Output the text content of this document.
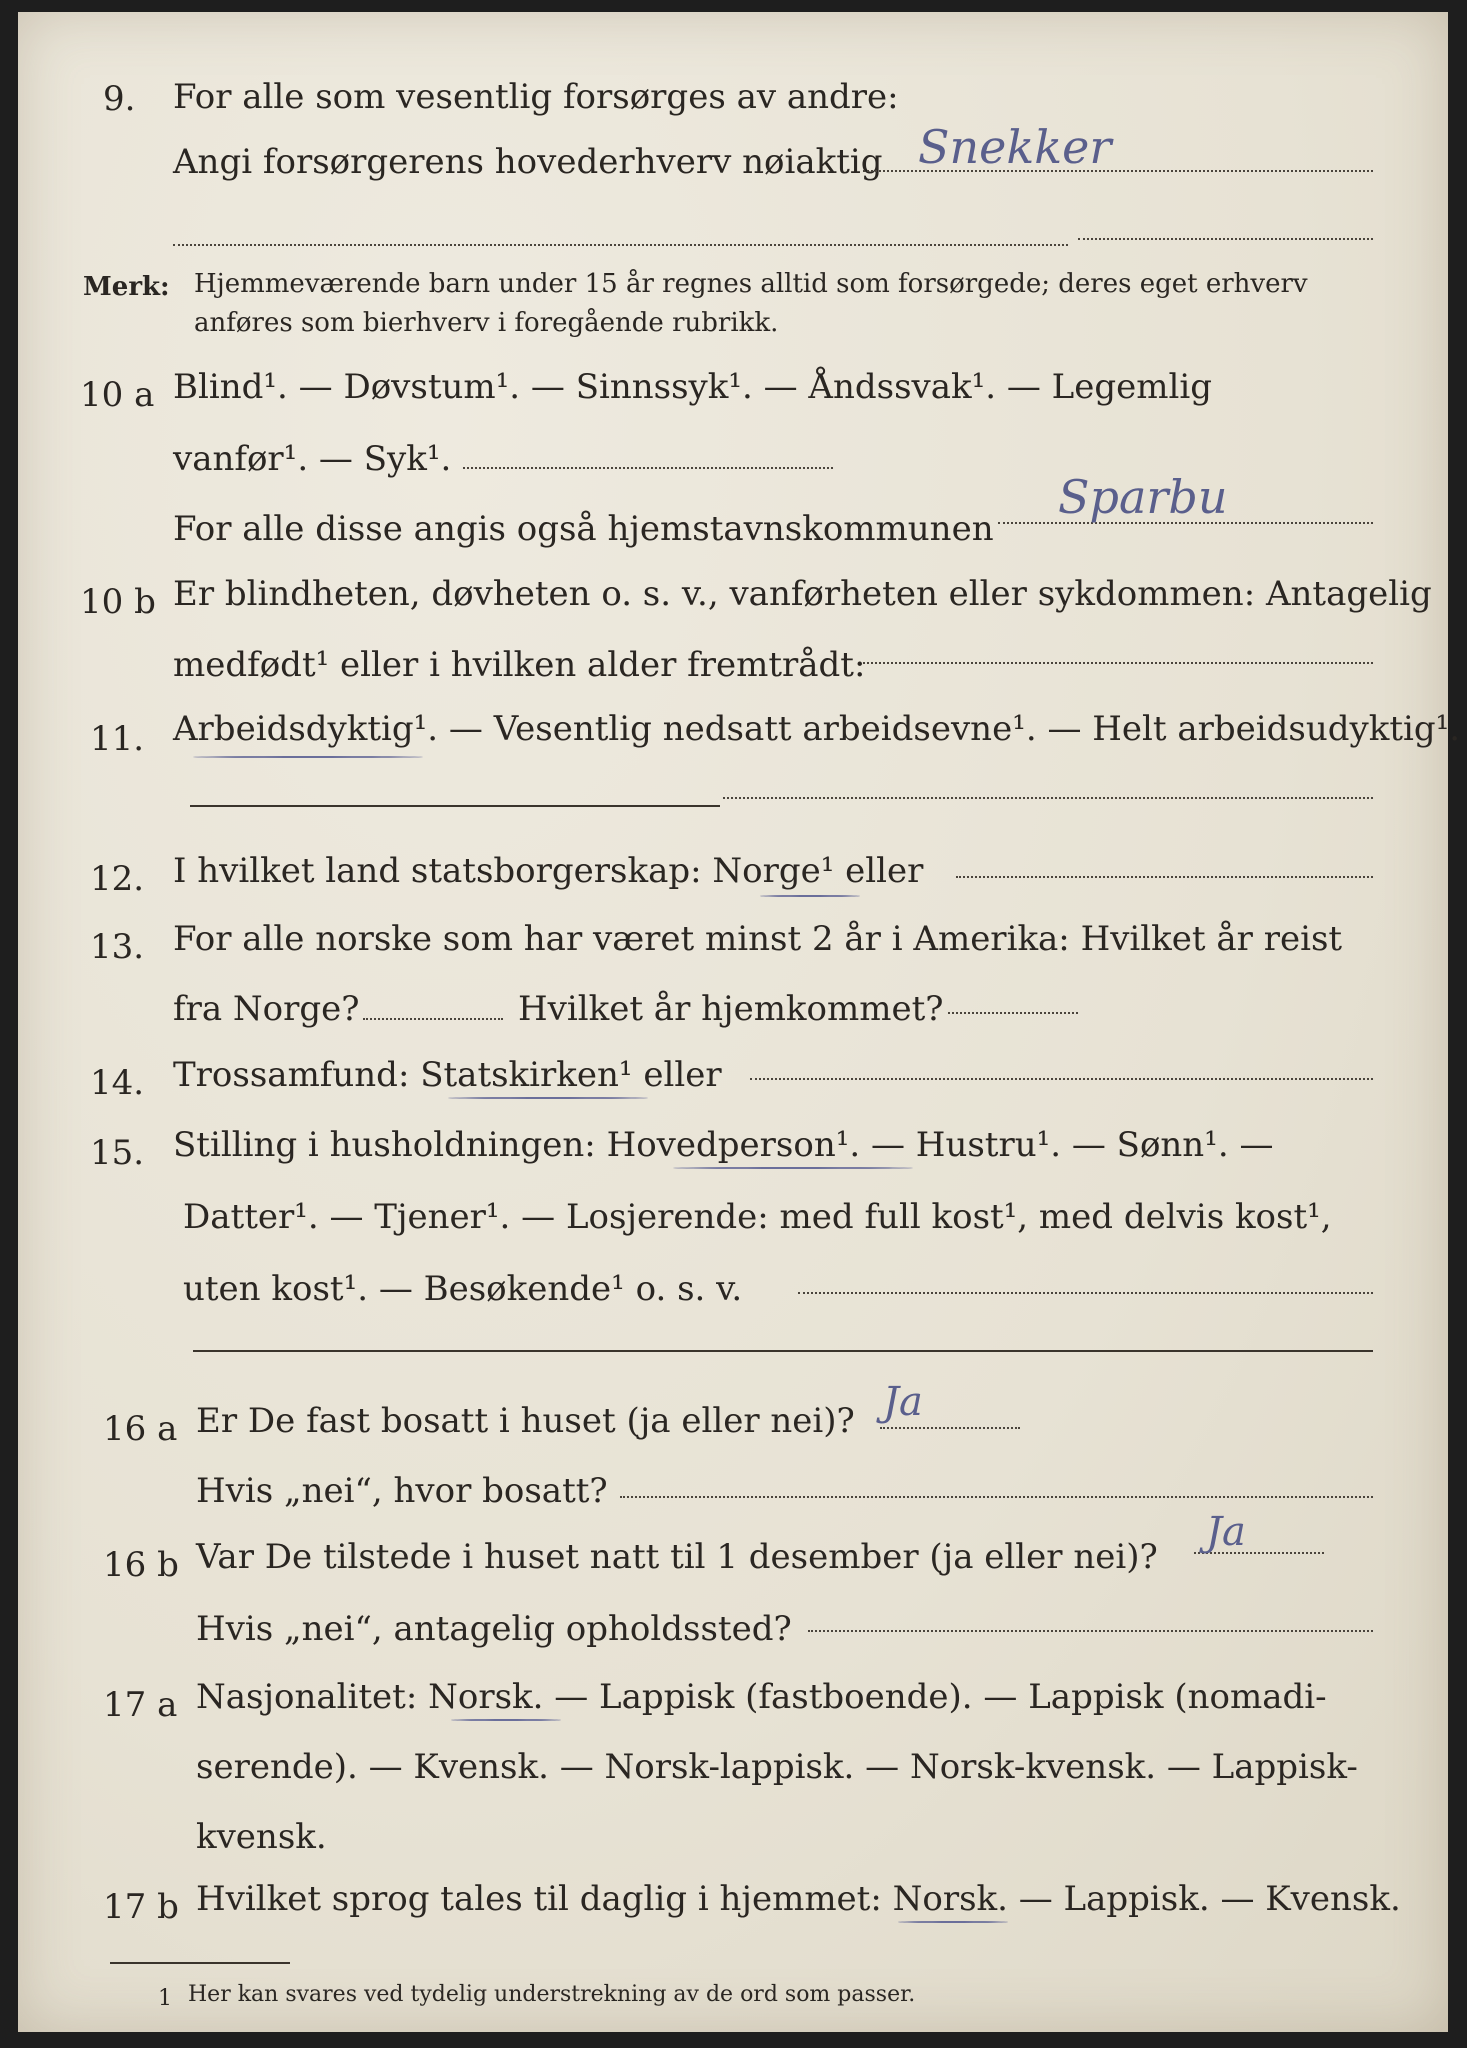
9. For alle som vesentlig forsørges av andre:
Angi forsørgerens hovederhverv nøiaktig Snekker
Merk: Hjemmeværende barn under 15 år regnes alltid som forsørgede; deres eget erhverv
anføres som bierhverv i foregående rubrikk.
10 a Blind¹. — Døvstum¹. — Sinnssyk¹. — Åndssvak¹. — Legemlig
vanfør¹. — Syk¹.
For alle disse angis også hjemstavnskommunen
Sparbu
10 b Er blindheten, døvheten o. s. v., vanførheten eller sykdommen: Antagelig
medfødt¹ eller i hvilken alder fremtrådt:
11. Arbeidsdyktig¹. — Vesentlig nedsatt arbeidsevne¹. — Helt arbeidsudyktig¹.
12. I hvilket land statsborgerskap: Norge¹ eller
13. For alle norske som har været minst 2 år i Amerika: Hvilket år reist
fra Norge?	Hvilket år hjemkommet?
14. Trossamfund: Statskirken¹ eller
15. Stilling i husholdningen: Hovedperson¹. — Hustru¹. — Sønn¹. —
Datter¹. — Tjener¹. — Losjerende: med full kost¹, med delvis kost¹,
uten kost¹. — Besøkende¹ o. s. v.
16 a Er De fast bosatt i huset (ja eller nei)? Ja
Hvis „nei“, hvor bosatt?
16 b Var De tilstede i huset natt til 1 desember (ja eller nei)?
Ja
Hvis „nei“, antagelig opholdssted?
17 a Nasjonalitet: Norsk. — Lappisk (fastboende). — Lappisk (nomadi-
serende). — Kvensk. — Norsk-lappisk. — Norsk-kvensk. — Lappisk-
kvensk.
17 b Hvilket sprog tales til daglig i hjemmet: Norsk. — Lappisk. — Kvensk.
1 Her kan svares ved tydelig understrekning av de ord som passer.
